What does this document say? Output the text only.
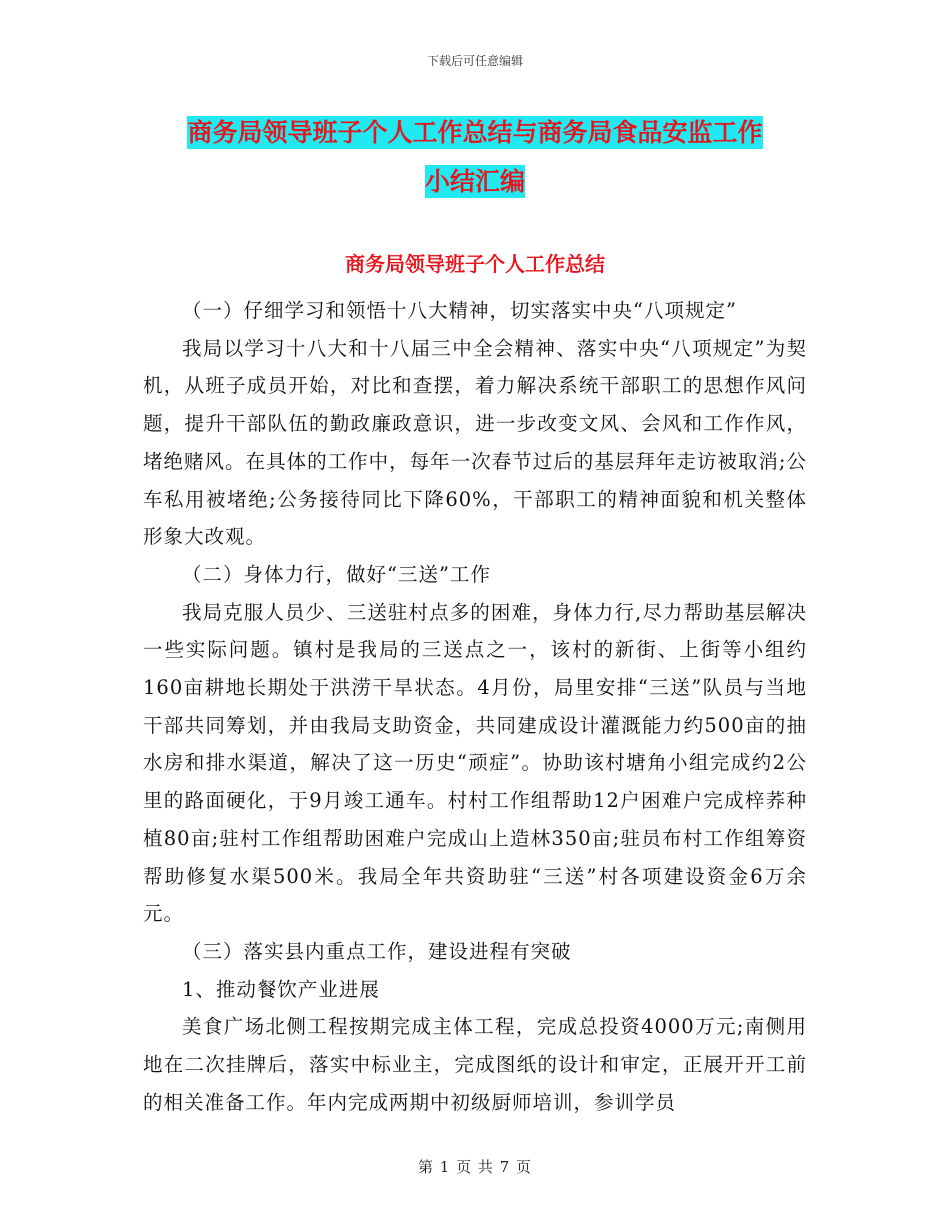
下载后可任意编辑
商务局领导班子个人工作总结与商务局食品安监工作
小结汇编
商务局领导班子个人工作总结

（一）仔细学习和领悟十八大精神，切实落实中央“八项规定”

我局以学习十八大和十八届三中全会精神、落实中央“八项规定”为契机，从班子成员开始，对比和查摆，着力解决系统干部职工的思想作风问题，提升干部队伍的勤政廉政意识，进一步改变文风、会风和工作作风，堵绝赌风。在具体的工作中，每年一次春节过后的基层拜年走访被取消;公车私用被堵绝;公务接待同比下降60%，干部职工的精神面貌和机关整体形象大改观。

（二）身体力行，做好“三送”工作

我局克服人员少、三送驻村点多的困难，身体力行,尽力帮助基层解决一些实际问题。镇村是我局的三送点之一，该村的新街、上街等小组约160亩耕地长期处于洪涝干旱状态。4月份，局里安排“三送”队员与当地干部共同筹划，并由我局支助资金，共同建成设计灌溉能力约500亩的抽水房和排水渠道，解决了这一历史“顽症”。协助该村塘角小组完成约2公里的路面硬化，于9月竣工通车。村村工作组帮助12户困难户完成梓荞种植80亩;驻村工作组帮助困难户完成山上造林350亩;驻员布村工作组筹资帮助修复水渠500米。我局全年共资助驻“三送”村各项建设资金6万余元。

（三）落实县内重点工作，建设进程有突破

1、推动餐饮产业进展

美食广场北侧工程按期完成主体工程，完成总投资4000万元;南侧用地在二次挂牌后，落实中标业主，完成图纸的设计和审定，正展开开工前的相关准备工作。年内完成两期中初级厨师培训，参训学员

第 1 页 共 7 页
